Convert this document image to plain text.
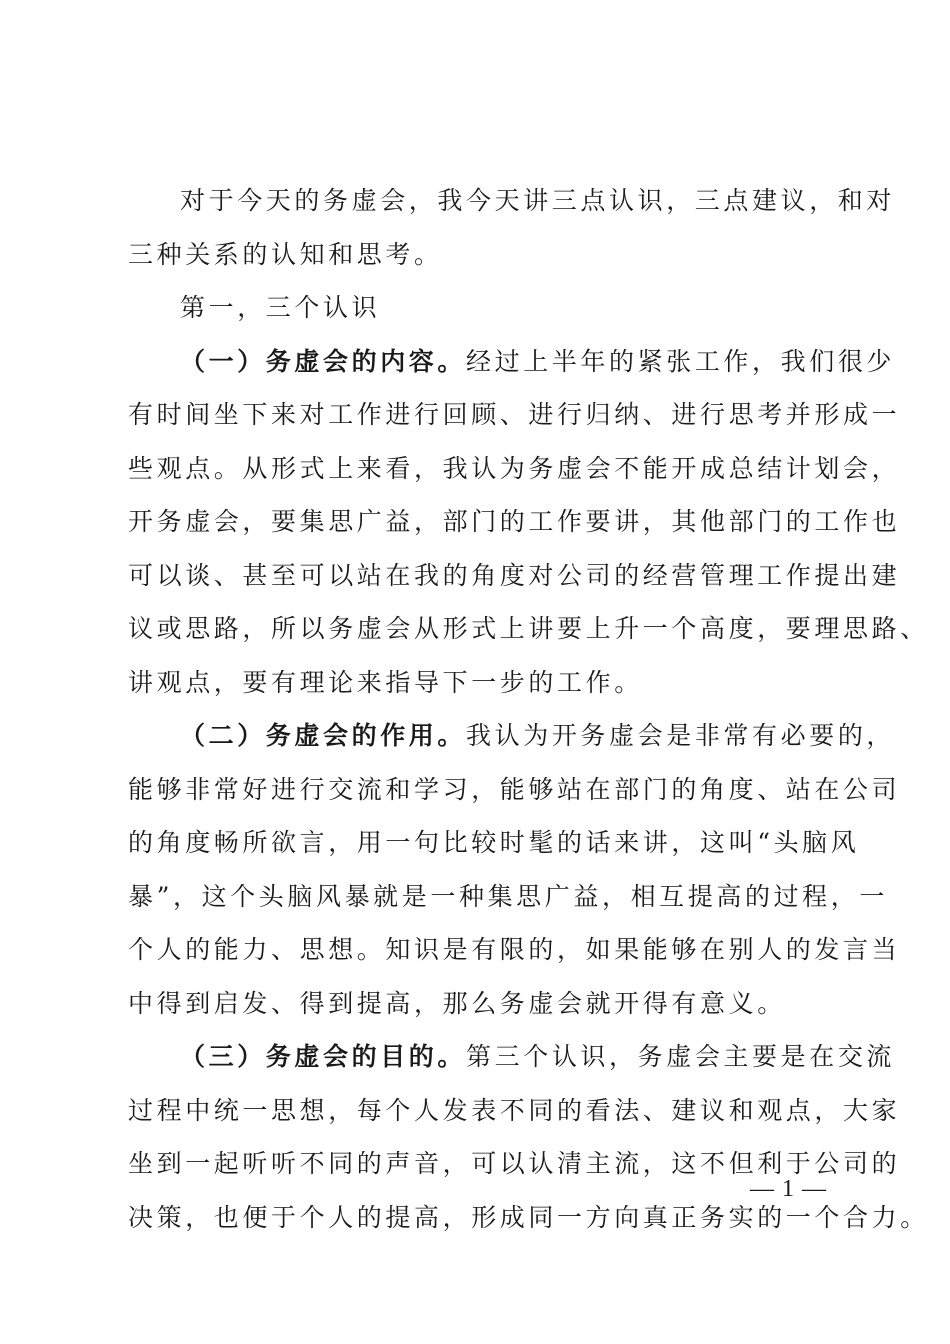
对于今天的务虚会，我今天讲三点认识，三点建议，和对
三种关系的认知和思考。
第一，三个认识
（一）务虚会的内容。经过上半年的紧张工作，我们很少
有时间坐下来对工作进行回顾、进行归纳、进行思考并形成一
些观点。从形式上来看，我认为务虚会不能开成总结计划会，
开务虚会，要集思广益，部门的工作要讲，其他部门的工作也
可以谈、甚至可以站在我的角度对公司的经营管理工作提出建
议或思路，所以务虚会从形式上讲要上升一个高度，要理思路、
讲观点，要有理论来指导下一步的工作。
（二）务虚会的作用。我认为开务虚会是非常有必要的，
能够非常好进行交流和学习，能够站在部门的角度、站在公司
的角度畅所欲言，用一句比较时髦的话来讲，这叫“头脑风
暴”，这个头脑风暴就是一种集思广益，相互提高的过程，一
个人的能力、思想。知识是有限的，如果能够在别人的发言当
中得到启发、得到提高，那么务虚会就开得有意义。
（三）务虚会的目的。第三个认识，务虚会主要是在交流
过程中统一思想，每个人发表不同的看法、建议和观点，大家
坐到一起听听不同的声音，可以认清主流，这不但利于公司的
决策，也便于个人的提高，形成同一方向真正务实的一个合力。
— 1 —
